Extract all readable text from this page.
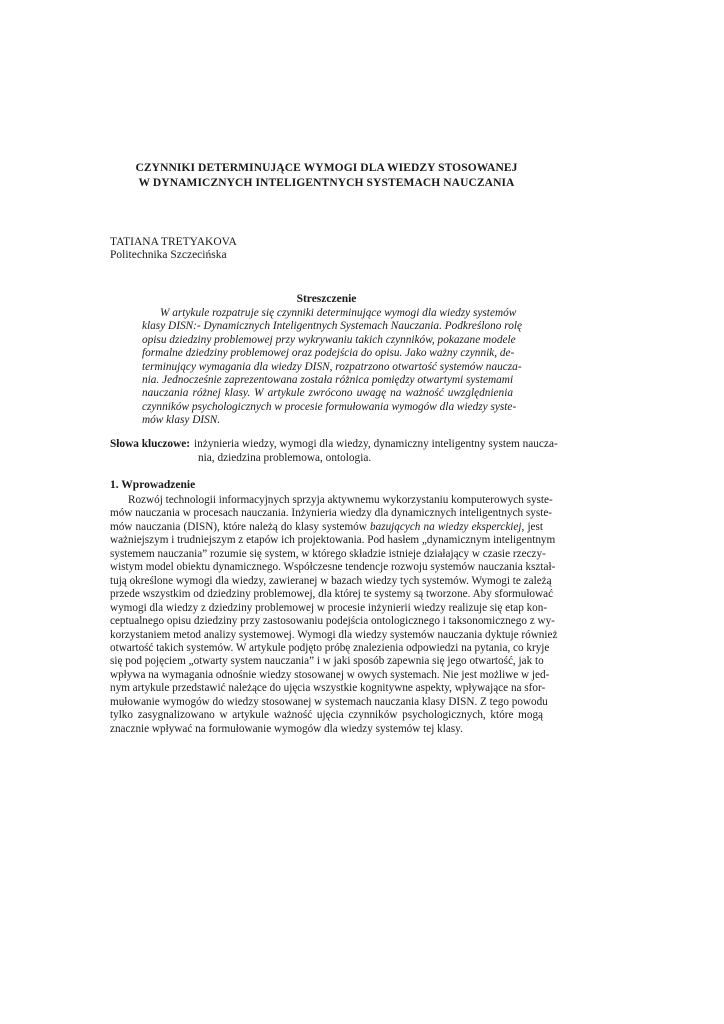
CZYNNIKI DETERMINUJĄCE WYMOGI DLA WIEDZY STOSOWANEJ
W DYNAMICZNYCH INTELIGENTNYCH SYSTEMACH NAUCZANIA
TATIANA TRETYAKOVA
Politechnika Szczecińska
Streszczenie
W artykule rozpatruje się czynniki determinujące wymogi dla wiedzy systemów
klasy DISN:- Dynamicznych Inteligentnych Systemach Nauczania. Podkreślono rolę
opisu dziedziny problemowej przy wykrywaniu takich czynników, pokazane modele
formalne dziedziny problemowej oraz podejścia do opisu. Jako ważny czynnik, de-
terminujący wymagania dla wiedzy DISN, rozpatrzono otwartość systemów naucza-
nia. Jednocześnie zaprezentowana została różnica pomiędzy otwartymi systemami
nauczania różnej klasy. W artykule zwrócono uwagę na ważność uwzględnienia
czynników psychologicznych w procesie formułowania wymogów dla wiedzy syste-
mów klasy DISN.
Słowa kluczowe: inżynieria wiedzy, wymogi dla wiedzy, dynamiczny inteligentny system naucza-
nia, dziedzina problemowa, ontologia.
1. Wprowadzenie
Rozwój technologii informacyjnych sprzyja aktywnemu wykorzystaniu komputerowych syste-
mów nauczania w procesach nauczania. Inżynieria wiedzy dla dynamicznych inteligentnych syste-
mów nauczania (DISN), które należą do klasy systemów bazujących na wiedzy eksperckiej, jest
ważniejszym i trudniejszym z etapów ich projektowania. Pod hasłem „dynamicznym inteligentnym
systemem nauczania” rozumie się system, w którego składzie istnieje działający w czasie rzeczy-
wistym model obiektu dynamicznego. Współczesne tendencje rozwoju systemów nauczania kształ-
tują określone wymogi dla wiedzy, zawieranej w bazach wiedzy tych systemów. Wymogi te zależą
przede wszystkim od dziedziny problemowej, dla której te systemy są tworzone. Aby sformułować
wymogi dla wiedzy z dziedziny problemowej w procesie inżynierii wiedzy realizuje się etap kon-
ceptualnego opisu dziedziny przy zastosowaniu podejścia ontologicznego i taksonomicznego z wy-
korzystaniem metod analizy systemowej. Wymogi dla wiedzy systemów nauczania dyktuje również
otwartość takich systemów. W artykule podjęto próbę znalezienia odpowiedzi na pytania, co kryje
się pod pojęciem „otwarty system nauczania” i w jaki sposób zapewnia się jego otwartość, jak to
wpływa na wymagania odnośnie wiedzy stosowanej w owych systemach. Nie jest możliwe w jed-
nym artykule przedstawić należące do ujęcia wszystkie kognitywne aspekty, wpływające na sfor-
mułowanie wymogów do wiedzy stosowanej w systemach nauczania klasy DISN. Z tego powodu
tylko zasygnalizowano w artykule ważność ujęcia czynników psychologicznych, które mogą
znacznie wpływać na formułowanie wymogów dla wiedzy systemów tej klasy.
